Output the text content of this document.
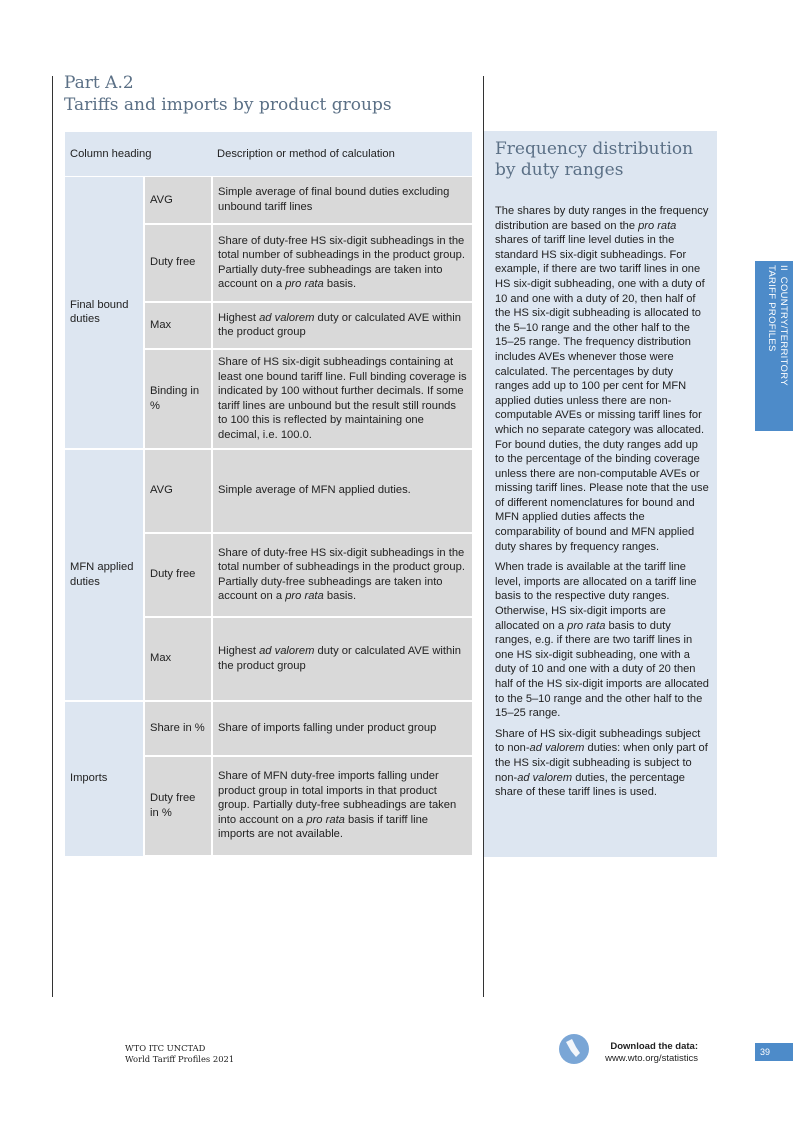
Part A.2
Tariffs and imports by product groups
Column heading		Description or method of calculation
Final bound duties	AVG	Simple average of final bound duties excluding unbound tariff lines
	Duty free	Share of duty-free HS six-digit subheadings in the total number of subheadings in the product group. Partially duty-free subheadings are taken into account on a pro rata basis.
	Max	Highest ad valorem duty or calculated AVE within the product group
	Binding in %	Share of HS six-digit subheadings containing at least one bound tariff line. Full binding coverage is indicated by 100 without further decimals. If some tariff lines are unbound but the result still rounds to 100 this is reflected by maintaining one decimal, i.e. 100.0.
MFN applied duties	AVG	Simple average of MFN applied duties.
	Duty free	Share of duty-free HS six-digit subheadings in the total number of subheadings in the product group. Partially duty-free subheadings are taken into account on a pro rata basis.
	Max	Highest ad valorem duty or calculated AVE within the product group
Imports	Share in %	Share of imports falling under product group
	Duty free in %	Share of MFN duty-free imports falling under product group in total imports in that product group. Partially duty-free subheadings are taken into account on a pro rata basis if tariff line imports are not available.
Frequency distribution by duty ranges

The shares by duty ranges in the frequency distribution are based on the pro rata shares of tariff line level duties in the standard HS six-digit subheadings. For example, if there are two tariff lines in one HS six-digit subheading, one with a duty of 10 and one with a duty of 20, then half of the HS six-digit subheading is allocated to the 5–10 range and the other half to the 15–25 range. The frequency distribution includes AVEs whenever those were calculated. The percentages by duty ranges add up to 100 per cent for MFN applied duties unless there are non-computable AVEs or missing tariff lines for which no separate category was allocated. For bound duties, the duty ranges add up to the percentage of the binding coverage unless there are non-computable AVEs or missing tariff lines. Please note that the use of different nomenclatures for bound and MFN applied duties affects the comparability of bound and MFN applied duty shares by frequency ranges.

When trade is available at the tariff line level, imports are allocated on a tariff line basis to the respective duty ranges. Otherwise, HS six-digit imports are allocated on a pro rata basis to duty ranges, e.g. if there are two tariff lines in one HS six-digit subheading, one with a duty of 10 and one with a duty of 20 then half of the HS six-digit imports are allocated to the 5–10 range and the other half to the 15–25 range.

Share of HS six-digit subheadings subject to non-ad valorem duties: when only part of the HS six-digit subheading is subject to non-ad valorem duties, the percentage share of these tariff lines is used.

II  COUNTRY/TERRITORY
TARIFF PROFILES
WTO ITC UNCTAD
World Tariff Profiles 2021
Download the data:
www.wto.org/statistics
39
